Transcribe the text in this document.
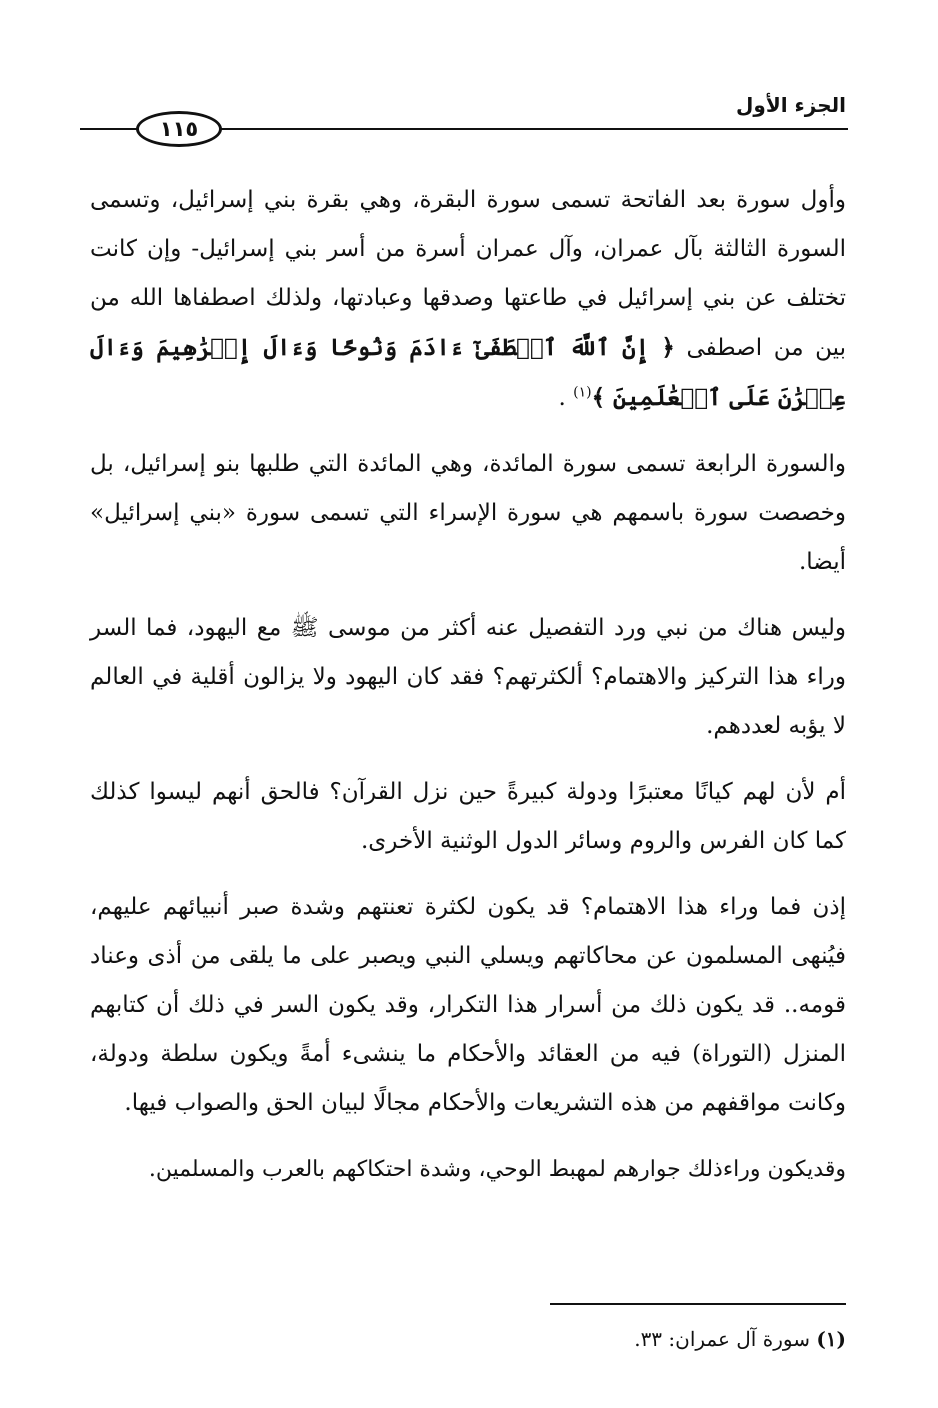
الجزء الأول
١١٥

وأول سورة بعد الفاتحة تسمى سورة البقرة، وهي بقرة بني إسرائيل، وتسمى السورة الثالثة بآل عمران، وآل عمران أسرة من أسر بني إسرائيل- وإن كانت تختلف عن بني إسرائيل في طاعتها وصدقها وعبادتها، ولذلك اصطفاها الله من بين من اصطفى ﴿ إِنَّ ٱللَّهَ ٱصۡطَفَىٰٓ ءَادَمَ وَنُوحًا وَءَالَ إِبۡرَٰهِيمَ وَءَالَ عِمۡرَٰنَ عَلَى ٱلۡعَٰلَمِينَ ﴾$^{(١)}$ .

والسورة الرابعة تسمى سورة المائدة، وهي المائدة التي طلبها بنو إسرائيل، بل وخصصت سورة باسمهم هي سورة الإسراء التي تسمى سورة «بني إسرائيل» أيضا.

وليس هناك من نبي ورد التفصيل عنه أكثر من موسى ﷺ مع اليهود، فما السر وراء هذا التركيز والاهتمام؟ ألكثرتهم؟ فقد كان اليهود ولا يزالون أقلية في العالم لا يؤبه لعددهم.

أم لأن لهم كيانًا معتبرًا ودولة كبيرةً حين نزل القرآن؟ فالحق أنهم ليسوا كذلك كما كان الفرس والروم وسائر الدول الوثنية الأخرى.

إذن فما وراء هذا الاهتمام؟ قد يكون لكثرة تعنتهم وشدة صبر أنبيائهم عليهم، فيُنهى المسلمون عن محاكاتهم ويسلي النبي ويصبر على ما يلقى من أذى وعناد قومه.. قد يكون ذلك من أسرار هذا التكرار، وقد يكون السر في ذلك أن كتابهم المنزل (التوراة) فيه من العقائد والأحكام ما ينشىء أمةً ويكون سلطة ودولة، وكانت مواقفهم من هذه التشريعات والأحكام مجالًا لبيان الحق والصواب فيها.

وقديكون وراءذلك جوارهم لمهبط الوحي، وشدة احتكاكهم بالعرب والمسلمين.

(١) سورة آل عمران: ٣٣.
